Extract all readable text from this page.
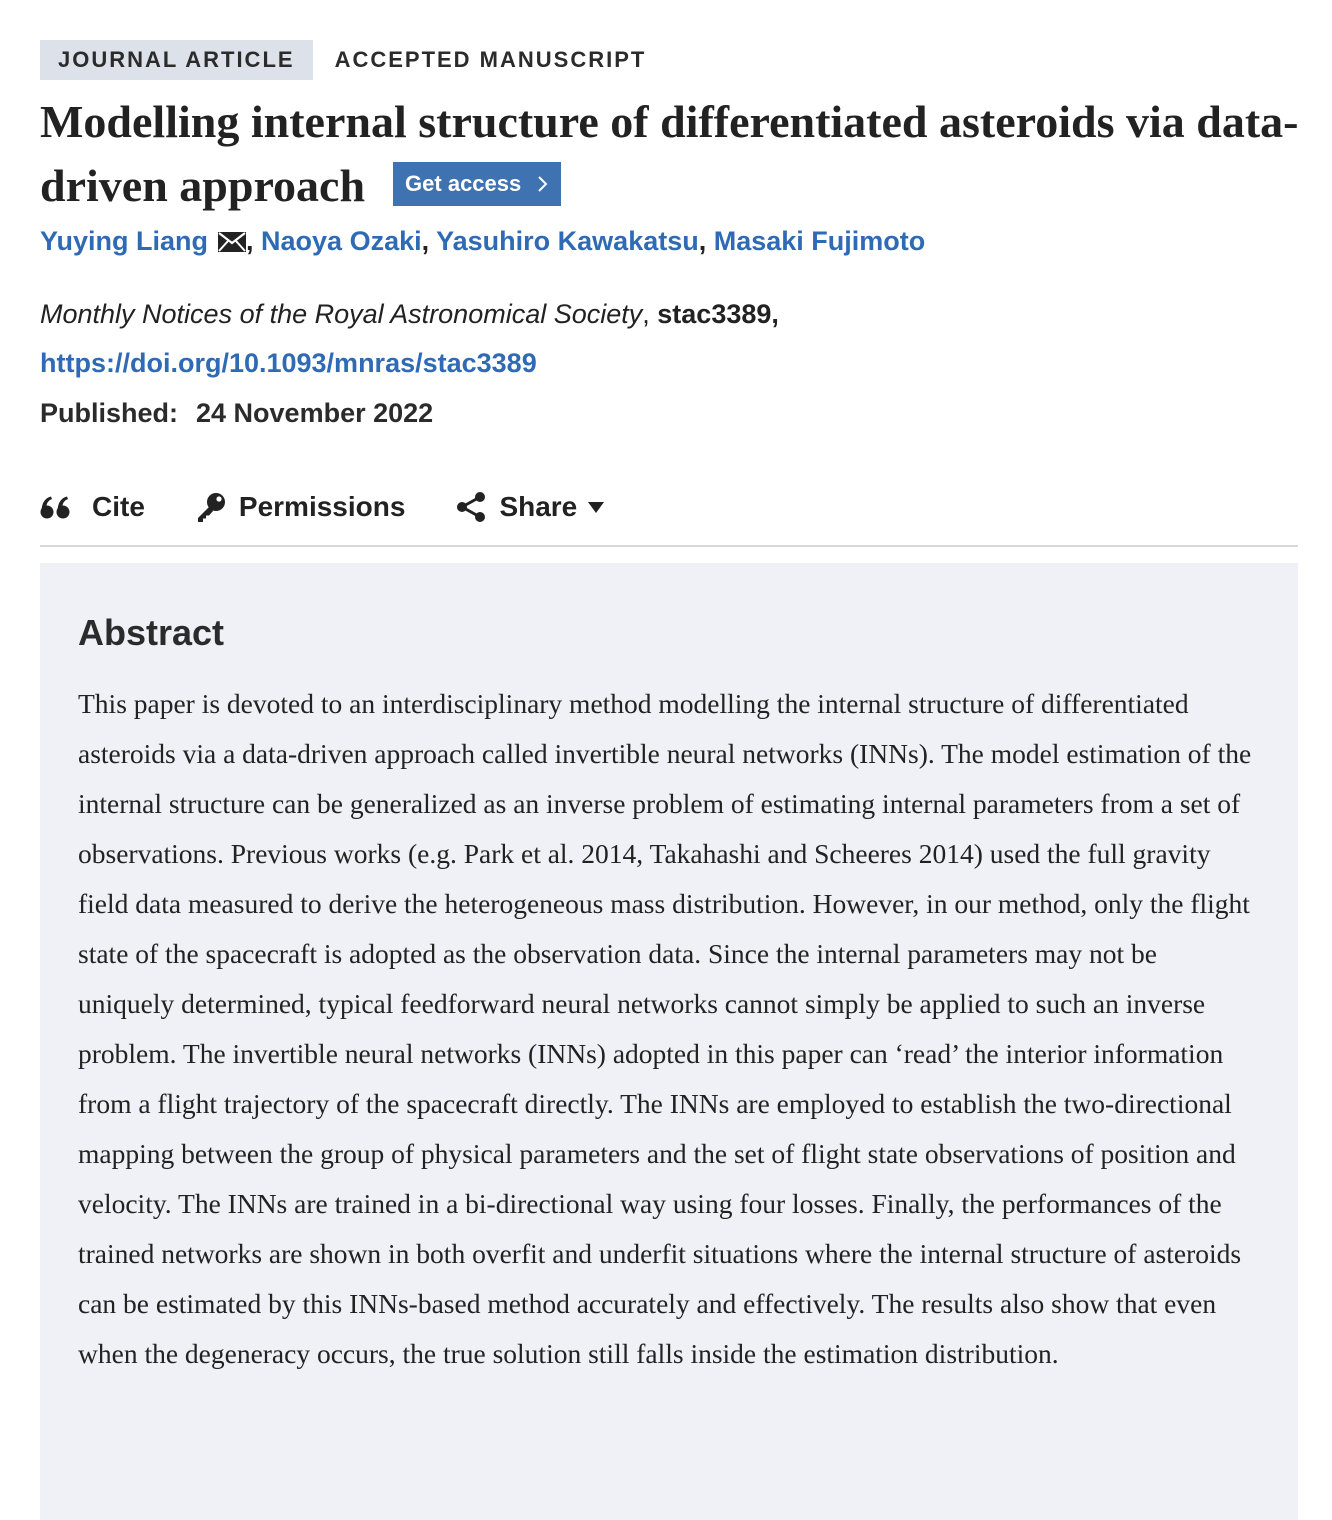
JOURNAL ARTICLE	ACCEPTED MANUSCRIPT
Modelling internal structure of differentiated asteroids via data-driven approach Get access
Yuying Liang , Naoya Ozaki, Yasuhiro Kawakatsu, Masaki Fujimoto
Monthly Notices of the Royal Astronomical Society, stac3389,
https://doi.org/10.1093/mnras/stac3389
Published: 24 November 2022
Cite	Permissions	Share
Abstract

This paper is devoted to an interdisciplinary method modelling the internal structure of differentiated asteroids via a data-driven approach called invertible neural networks (INNs). The model estimation of the internal structure can be generalized as an inverse problem of estimating internal parameters from a set of observations. Previous works (e.g. Park et al. 2014, Takahashi and Scheeres 2014) used the full gravity field data measured to derive the heterogeneous mass distribution. However, in our method, only the flight state of the spacecraft is adopted as the observation data. Since the internal parameters may not be uniquely determined, typical feedforward neural networks cannot simply be applied to such an inverse problem. The invertible neural networks (INNs) adopted in this paper can ‘read’ the interior information from a flight trajectory of the spacecraft directly. The INNs are employed to establish the two-directional mapping between the group of physical parameters and the set of flight state observations of position and velocity. The INNs are trained in a bi-directional way using four losses. Finally, the performances of the trained networks are shown in both overfit and underfit situations where the internal structure of asteroids can be estimated by this INNs-based method accurately and effectively. The results also show that even when the degeneracy occurs, the true solution still falls inside the estimation distribution.
